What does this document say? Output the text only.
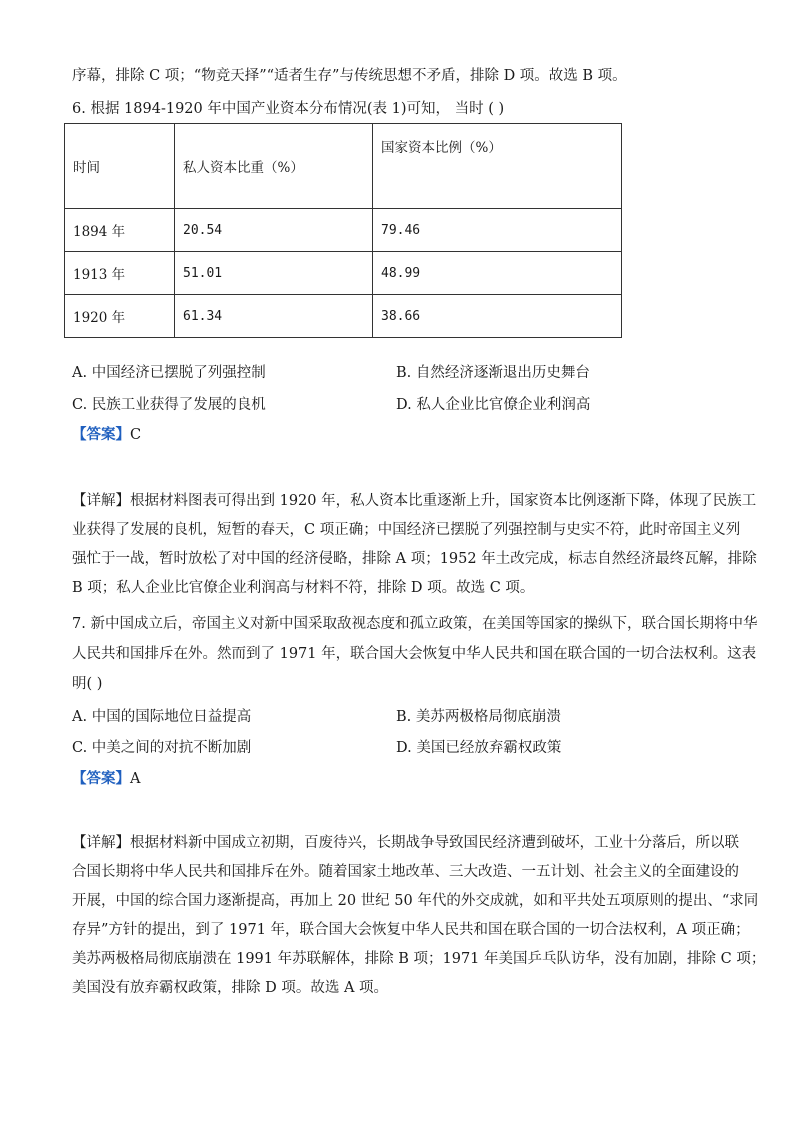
序幕，排除 C 项；“物竞天择”“适者生存”与传统思想不矛盾，排除 D 项。故选 B 项。
6. 根据 1894-1920 年中国产业资本分布情况(表 1)可知， 当时 ( )
时间	私人资本比重（%）	国家资本比例（%）
1894 年	20.54	79.46
1913 年	51.01	48.99
1920 年	61.34	38.66
A. 中国经济已摆脱了列强控制	B. 自然经济逐渐退出历史舞台
C. 民族工业获得了发展的良机	D. 私人企业比官僚企业利润高
【答案】C
【详解】根据材料图表可得出到 1920 年，私人资本比重逐渐上升，国家资本比例逐渐下降，体现了民族工
业获得了发展的良机，短暂的春天，C 项正确；中国经济已摆脱了列强控制与史实不符，此时帝国主义列
强忙于一战，暂时放松了对中国的经济侵略，排除 A 项；1952 年土改完成，标志自然经济最终瓦解，排除
B 项；私人企业比官僚企业利润高与材料不符，排除 D 项。故选 C 项。
7. 新中国成立后，帝国主义对新中国采取敌视态度和孤立政策，在美国等国家的操纵下，联合国长期将中华
人民共和国排斥在外。然而到了 1971 年，联合国大会恢复中华人民共和国在联合国的一切合法权利。这表
明( )
A. 中国的国际地位日益提高	B. 美苏两极格局彻底崩溃
C. 中美之间的对抗不断加剧	D. 美国已经放弃霸权政策
【答案】A
【详解】根据材料新中国成立初期，百废待兴，长期战争导致国民经济遭到破坏，工业十分落后，所以联
合国长期将中华人民共和国排斥在外。随着国家土地改革、三大改造、一五计划、社会主义的全面建设的
开展，中国的综合国力逐渐提高，再加上 20 世纪 50 年代的外交成就，如和平共处五项原则的提出、“求同
存异”方针的提出，到了 1971 年，联合国大会恢复中华人民共和国在联合国的一切合法权利，A 项正确；
美苏两极格局彻底崩溃在 1991 年苏联解体，排除 B 项；1971 年美国乒乓队访华，没有加剧，排除 C 项；
美国没有放弃霸权政策，排除 D 项。故选 A 项。
